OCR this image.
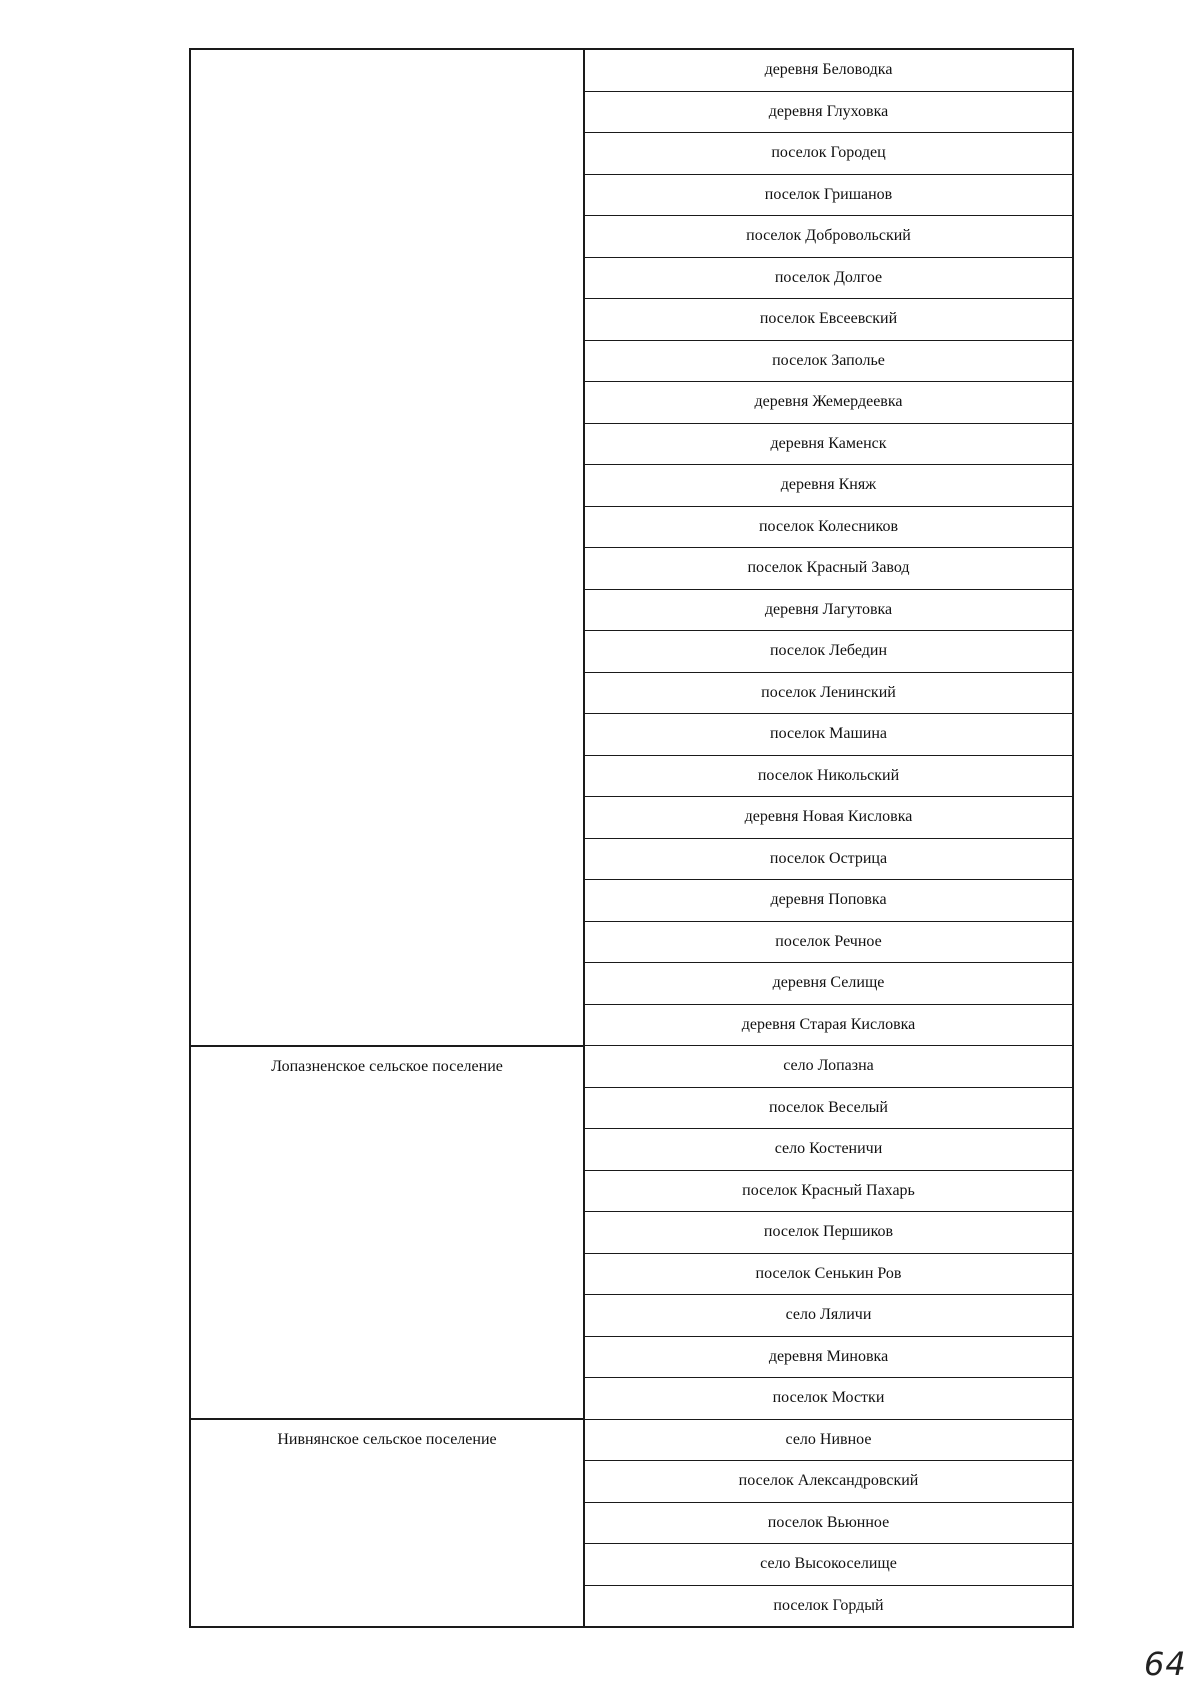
	деревня Беловодка
	деревня Глуховка
	поселок Городец
	поселок Гришанов
	поселок Добровольский
	поселок Долгое
	поселок Евсеевский
	поселок Заполье
	деревня Жемердеевка
	деревня Каменск
	деревня Княж
	поселок Колесников
	поселок Красный Завод
	деревня Лагутовка
	поселок Лебедин
	поселок Ленинский
	поселок Машина
	поселок Никольский
	деревня Новая Кисловка
	поселок Острица
	деревня Поповка
	поселок Речное
	деревня Селище
	деревня Старая Кисловка
Лопазненское сельское поселение	село Лопазна
	поселок Веселый
	село Костеничи
	поселок Красный Пахарь
	поселок Першиков
	поселок Сенькин Ров
	село Ляличи
	деревня Миновка
	поселок Мостки
Нивнянское сельское поселение	село Нивное
	поселок Александровский
	поселок Вьюнное
	село Высокоселище
	поселок Гордый
64
